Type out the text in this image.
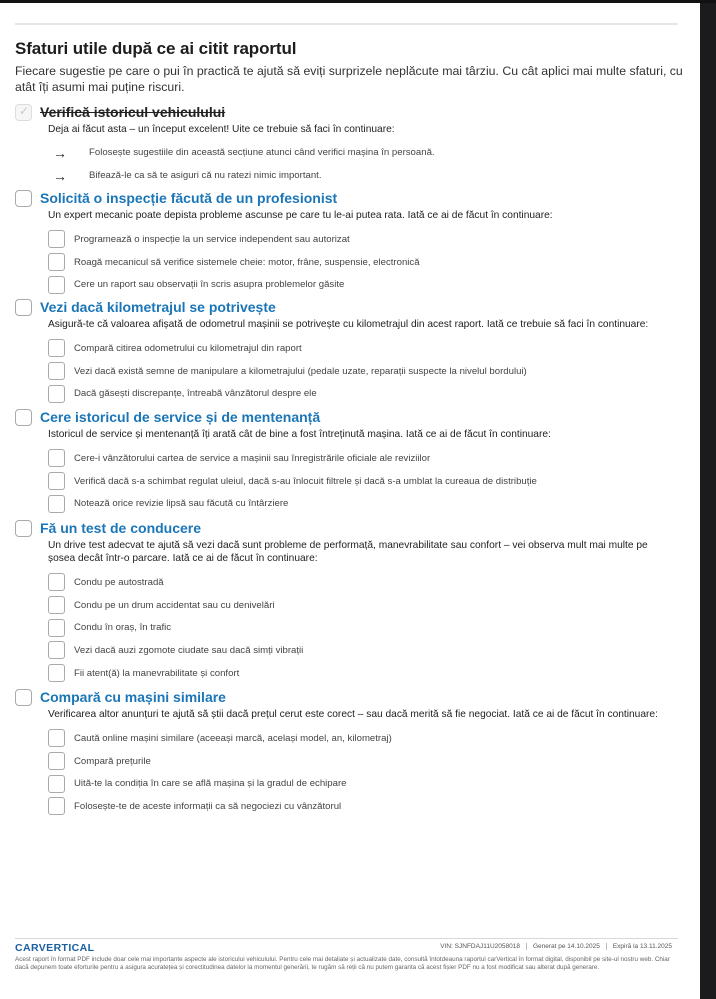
Sfaturi utile după ce ai citit raportul
Fiecare sugestie pe care o pui în practică te ajută să eviți surprizele neplăcute mai târziu. Cu cât aplici mai multe sfaturi, cu atât îți asumi mai puține riscuri.
✓
Verifică istoricul vehiculului
Deja ai făcut asta – un început excelent! Uite ce trebuie să faci în continuare:
→	Folosește sugestiile din această secțiune atunci când verifici mașina în persoană.
→	Bifează-le ca să te asiguri că nu ratezi nimic important.
Solicită o inspecție făcută de un profesionist
Un expert mecanic poate depista probleme ascunse pe care tu le-ai putea rata. Iată ce ai de făcut în continuare:
Programează o inspecție la un service independent sau autorizat
Roagă mecanicul să verifice sistemele cheie: motor, frâne, suspensie, electronică
Cere un raport sau observații în scris asupra problemelor găsite
Vezi dacă kilometrajul se potrivește
Asigură-te că valoarea afișată de odometrul mașinii se potrivește cu kilometrajul din acest raport. Iată ce trebuie să faci în continuare:
Compară citirea odometrului cu kilometrajul din raport
Vezi dacă există semne de manipulare a kilometrajului (pedale uzate, reparații suspecte la nivelul bordului)
Dacă găsești discrepanțe, întreabă vânzătorul despre ele
Cere istoricul de service și de mentenanță
Istoricul de service și mentenanță îți arată cât de bine a fost întreținută mașina. Iată ce ai de făcut în continuare:
Cere-i vânzătorului cartea de service a mașinii sau înregistrările oficiale ale reviziilor
Verifică dacă s-a schimbat regulat uleiul, dacă s-au înlocuit filtrele și dacă s-a umblat la cureaua de distribuție
Notează orice revizie lipsă sau făcută cu întârziere
Fă un test de conducere
Un drive test adecvat te ajută să vezi dacă sunt probleme de performață, manevrabilitate sau confort – vei observa mult mai multe pe șosea decât într-o parcare. Iată ce ai de făcut în continuare:
Condu pe autostradă
Condu pe un drum accidentat sau cu denivelări
Condu în oraș, în trafic
Vezi dacă auzi zgomote ciudate sau dacă simți vibrații
Fii atent(ă) la manevrabilitate și confort
Compară cu mașini similare
Verificarea altor anunțuri te ajută să știi dacă prețul cerut este corect – sau dacă merită să fie negociat. Iată ce ai de făcut în continuare:
Caută online mașini similare (aceeași marcă, același model, an, kilometraj)
Compară prețurile
Uită-te la condiția în care se află mașina și la gradul de echipare
Folosește-te de aceste informații ca să negociezi cu vânzătorul
CARVERTICAL	VIN: SJNFDAJ11U2058018	Generat pe 14.10.2025	Expiră la 13.11.2025
Acest raport în format PDF include doar cele mai importante aspecte ale istoricului vehiculului. Pentru cele mai detaliate și actualizate date, consultă întotdeauna raportul carVertical în format digital, disponibil pe site-ul nostru web. Chiar dacă depunem toate eforturile pentru a asigura acuratețea și corectitudinea datelor la momentul generării, te rugăm să reții că nu putem garanta că acest fișier PDF nu a fost modificat sau alterat după generare.
AUTOVIT.RO
